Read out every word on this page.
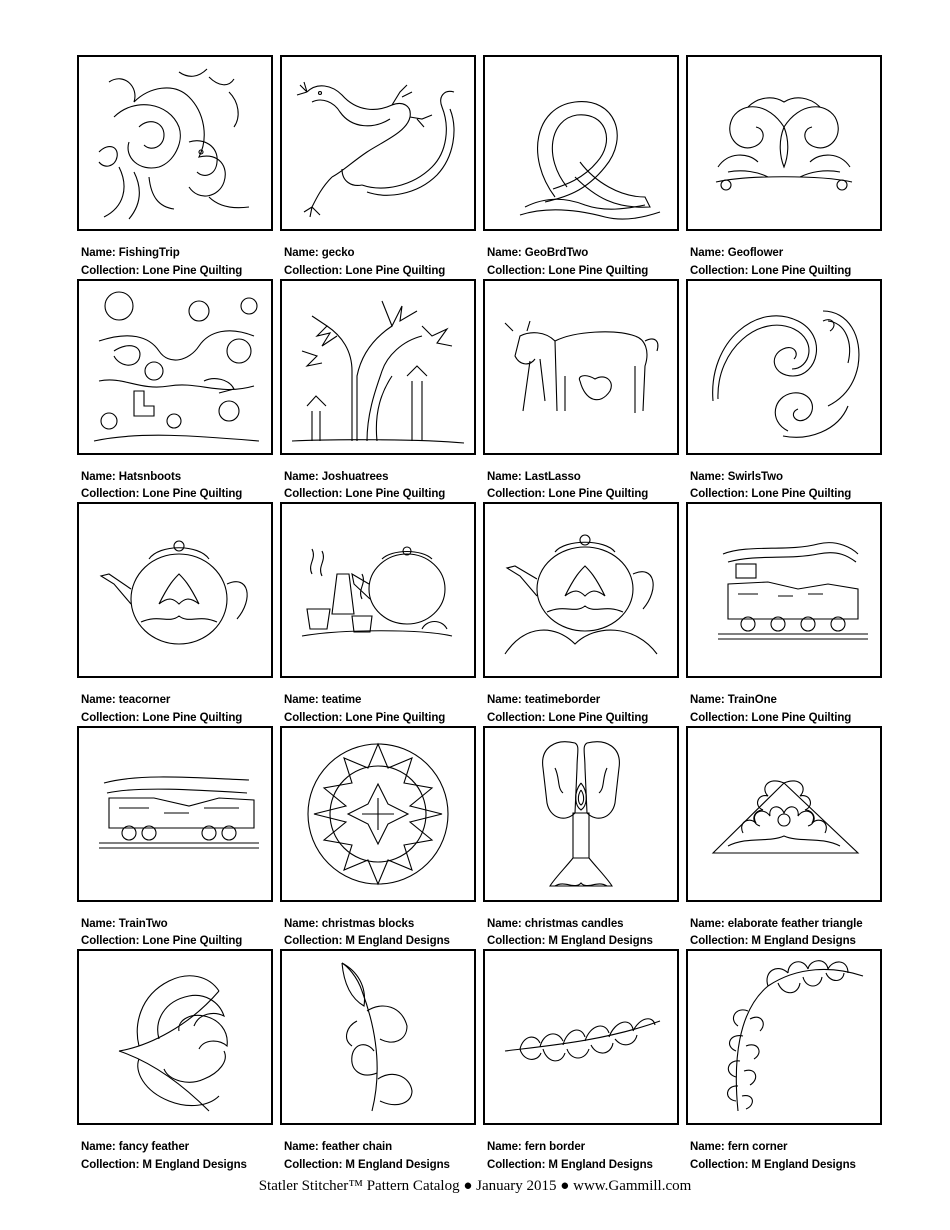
Name: FishingTrip
Collection: Lone Pine Quilting
Name: gecko
Collection: Lone Pine Quilting
Name: GeoBrdTwo
Collection: Lone Pine Quilting
Name: Geoflower
Collection: Lone Pine Quilting
Name: Hatsnboots
Collection: Lone Pine Quilting
Name: Joshuatrees
Collection: Lone Pine Quilting
Name: LastLasso
Collection: Lone Pine Quilting
Name: SwirlsTwo
Collection: Lone Pine Quilting
Name: teacorner
Collection: Lone Pine Quilting
Name: teatime
Collection: Lone Pine Quilting
Name: teatimeborder
Collection: Lone Pine Quilting
Name: TrainOne
Collection: Lone Pine Quilting
Name: TrainTwo
Collection: Lone Pine Quilting
Name: christmas blocks
Collection: M England Designs
Name: christmas candles
Collection: M England Designs
Name: elaborate feather triangle
Collection: M England Designs
Name: fancy feather
Collection: M England Designs
Name: feather chain
Collection: M England Designs
Name: fern border
Collection: M England Designs
Name: fern corner
Collection: M England Designs
Statler Stitcher™ Pattern Catalog ● January 2015 ● www.Gammill.com
